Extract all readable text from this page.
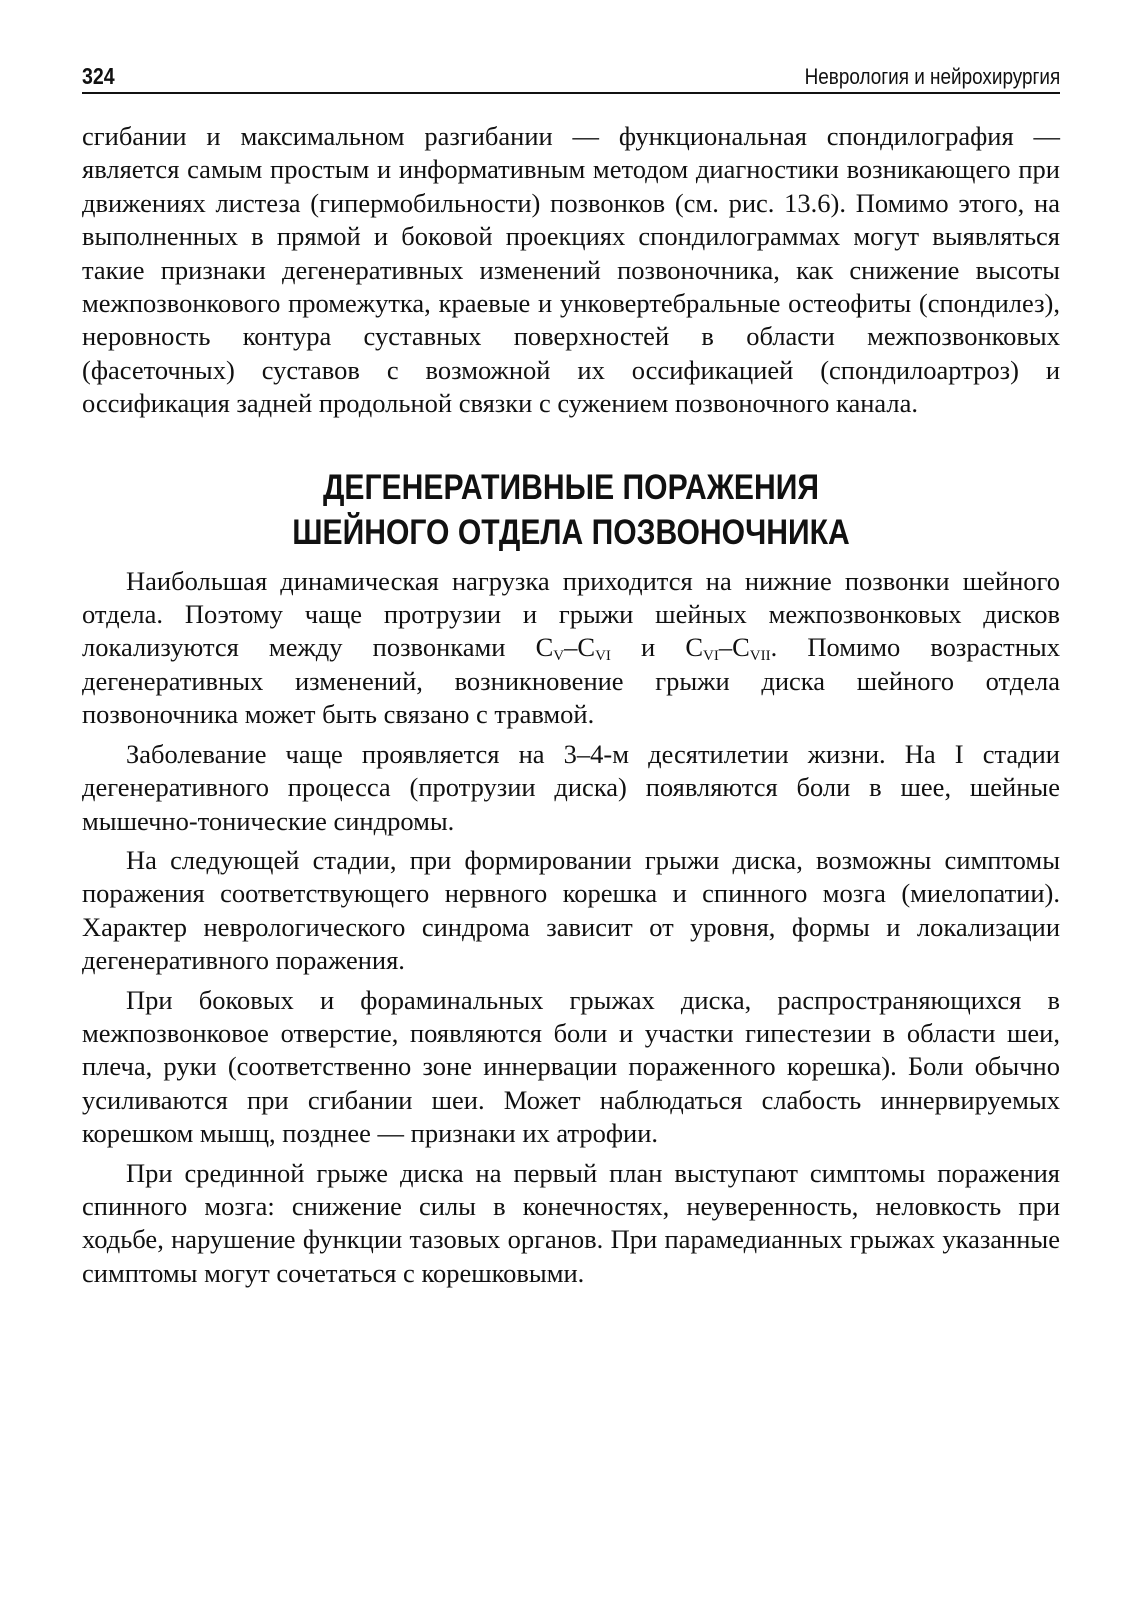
324	Неврология и нейрохирургия

сгибании и максимальном разгибании — функциональная спондилография — является самым простым и информативным методом диагностики возникающего при движениях листеза (гипермобильности) позвонков (см. рис. 13.6). Помимо этого, на выполненных в прямой и боковой проекциях спондилограммах могут выявляться такие признаки дегенеративных изменений позвоночника, как снижение высоты межпозвонкового промежутка, краевые и унковертебральные остеофиты (спондилез), неровность контура суставных поверхностей в области межпозвонковых (фасеточных) суставов с возможной их оссификацией (спондилоартроз) и оссификация задней продольной связки с сужением позвоночного канала.

ДЕГЕНЕРАТИВНЫЕ ПОРАЖЕНИЯ
ШЕЙНОГО ОТДЕЛА ПОЗВОНОЧНИКА

Наибольшая динамическая нагрузка приходится на нижние позвонки шейного отдела. Поэтому чаще протрузии и грыжи шейных межпозвонковых дисков локализуются между позвонками $C_V-C_{VI}$ и $C_{VI}-C_{VII}$. Помимо возрастных дегенеративных изменений, возникновение грыжи диска шейного отдела позвоночника может быть связано с травмой.

Заболевание чаще проявляется на 3–4-м десятилетии жизни. На I стадии дегенеративного процесса (протрузии диска) появляются боли в шее, шейные мышечно-тонические синдромы.

На следующей стадии, при формировании грыжи диска, возможны симптомы поражения соответствующего нервного корешка и спинного мозга (миелопатии). Характер неврологического синдрома зависит от уровня, формы и локализации дегенеративного поражения.

При боковых и фораминальных грыжах диска, распространяющихся в межпозвонковое отверстие, появляются боли и участки гипестезии в области шеи, плеча, руки (соответственно зоне иннервации пораженного корешка). Боли обычно усиливаются при сгибании шеи. Может наблюдаться слабость иннервируемых корешком мышц, позднее — признаки их атрофии.

При срединной грыже диска на первый план выступают симптомы поражения спинного мозга: снижение силы в конечностях, неуверенность, неловкость при ходьбе, нарушение функции тазовых органов. При парамедианных грыжах указанные симптомы могут сочетаться с корешковыми.
